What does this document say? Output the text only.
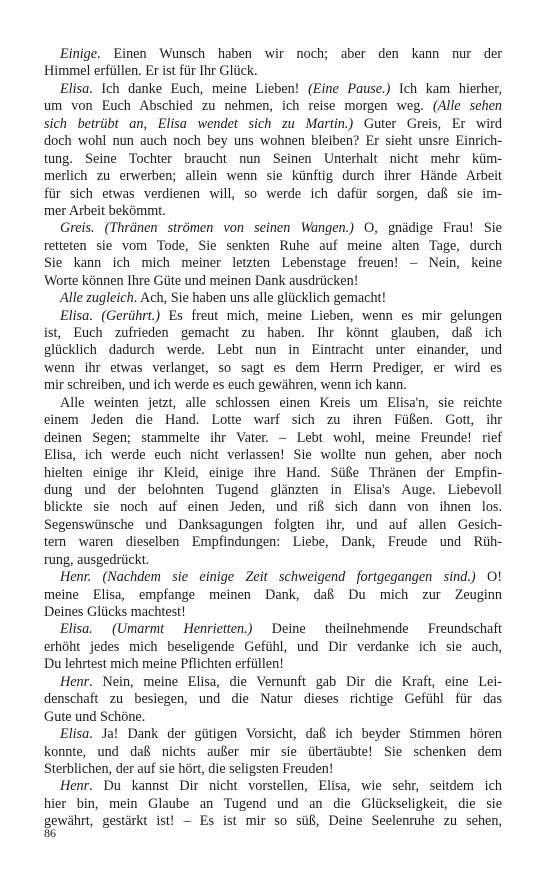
Einige. Einen Wunsch haben wir noch; aber den kann nur der
Himmel erfüllen. Er ist für Ihr Glück.
Elisa. Ich danke Euch, meine Lieben! (Eine Pause.) Ich kam hierher,
um von Euch Abschied zu nehmen, ich reise morgen weg. (Alle sehen
sich betrübt an, Elisa wendet sich zu Martin.) Guter Greis, Er wird
doch wohl nun auch noch bey uns wohnen bleiben? Er sieht unsre Einrich-
tung. Seine Tochter braucht nun Seinen Unterhalt nicht mehr küm-
merlich zu erwerben; allein wenn sie künftig durch ihrer Hände Arbeit
für sich etwas verdienen will, so werde ich dafür sorgen, daß sie im-
mer Arbeit bekömmt.
Greis. (Thränen strömen von seinen Wangen.) O, gnädige Frau! Sie
retteten sie vom Tode, Sie senkten Ruhe auf meine alten Tage, durch
Sie kann ich mich meiner letzten Lebenstage freuen! – Nein, keine
Worte können Ihre Güte und meinen Dank ausdrücken!
Alle zugleich. Ach, Sie haben uns alle glücklich gemacht!
Elisa. (Gerührt.) Es freut mich, meine Lieben, wenn es mir gelungen
ist, Euch zufrieden gemacht zu haben. Ihr könnt glauben, daß ich
glücklich dadurch werde. Lebt nun in Eintracht unter einander, und
wenn ihr etwas verlanget, so sagt es dem Herrn Prediger, er wird es
mir schreiben, und ich werde es euch gewähren, wenn ich kann.
Alle weinten jetzt, alle schlossen einen Kreis um Elisa'n, sie reichte
einem Jeden die Hand. Lotte warf sich zu ihren Füßen. Gott, ihr
deinen Segen; stammelte ihr Vater. – Lebt wohl, meine Freunde! rief
Elisa, ich werde euch nicht verlassen! Sie wollte nun gehen, aber noch
hielten einige ihr Kleid, einige ihre Hand. Süße Thränen der Empfin-
dung und der belohnten Tugend glänzten in Elisa's Auge. Liebevoll
blickte sie noch auf einen Jeden, und riß sich dann von ihnen los.
Segenswünsche und Danksagungen folgten ihr, und auf allen Gesich-
tern waren dieselben Empfindungen: Liebe, Dank, Freude und Rüh-
rung, ausgedrückt.
Henr. (Nachdem sie einige Zeit schweigend fortgegangen sind.) O!
meine Elisa, empfange meinen Dank, daß Du mich zur Zeuginn
Deines Glücks machtest!
Elisa. (Umarmt Henrietten.) Deine theilnehmende Freundschaft
erhöht jedes mich beseligende Gefühl, und Dir verdanke ich sie auch,
Du lehrtest mich meine Pflichten erfüllen!
Henr. Nein, meine Elisa, die Vernunft gab Dir die Kraft, eine Lei-
denschaft zu besiegen, und die Natur dieses richtige Gefühl für das
Gute und Schöne.
Elisa. Ja! Dank der gütigen Vorsicht, daß ich beyder Stimmen hören
konnte, und daß nichts außer mir sie übertäubte! Sie schenken dem
Sterblichen, der auf sie hört, die seligsten Freuden!
Henr. Du kannst Dir nicht vorstellen, Elisa, wie sehr, seitdem ich
hier bin, mein Glaube an Tugend und an die Glückseligkeit, die sie
gewährt, gestärkt ist! – Es ist mir so süß, Deine Seelenruhe zu sehen,
86
